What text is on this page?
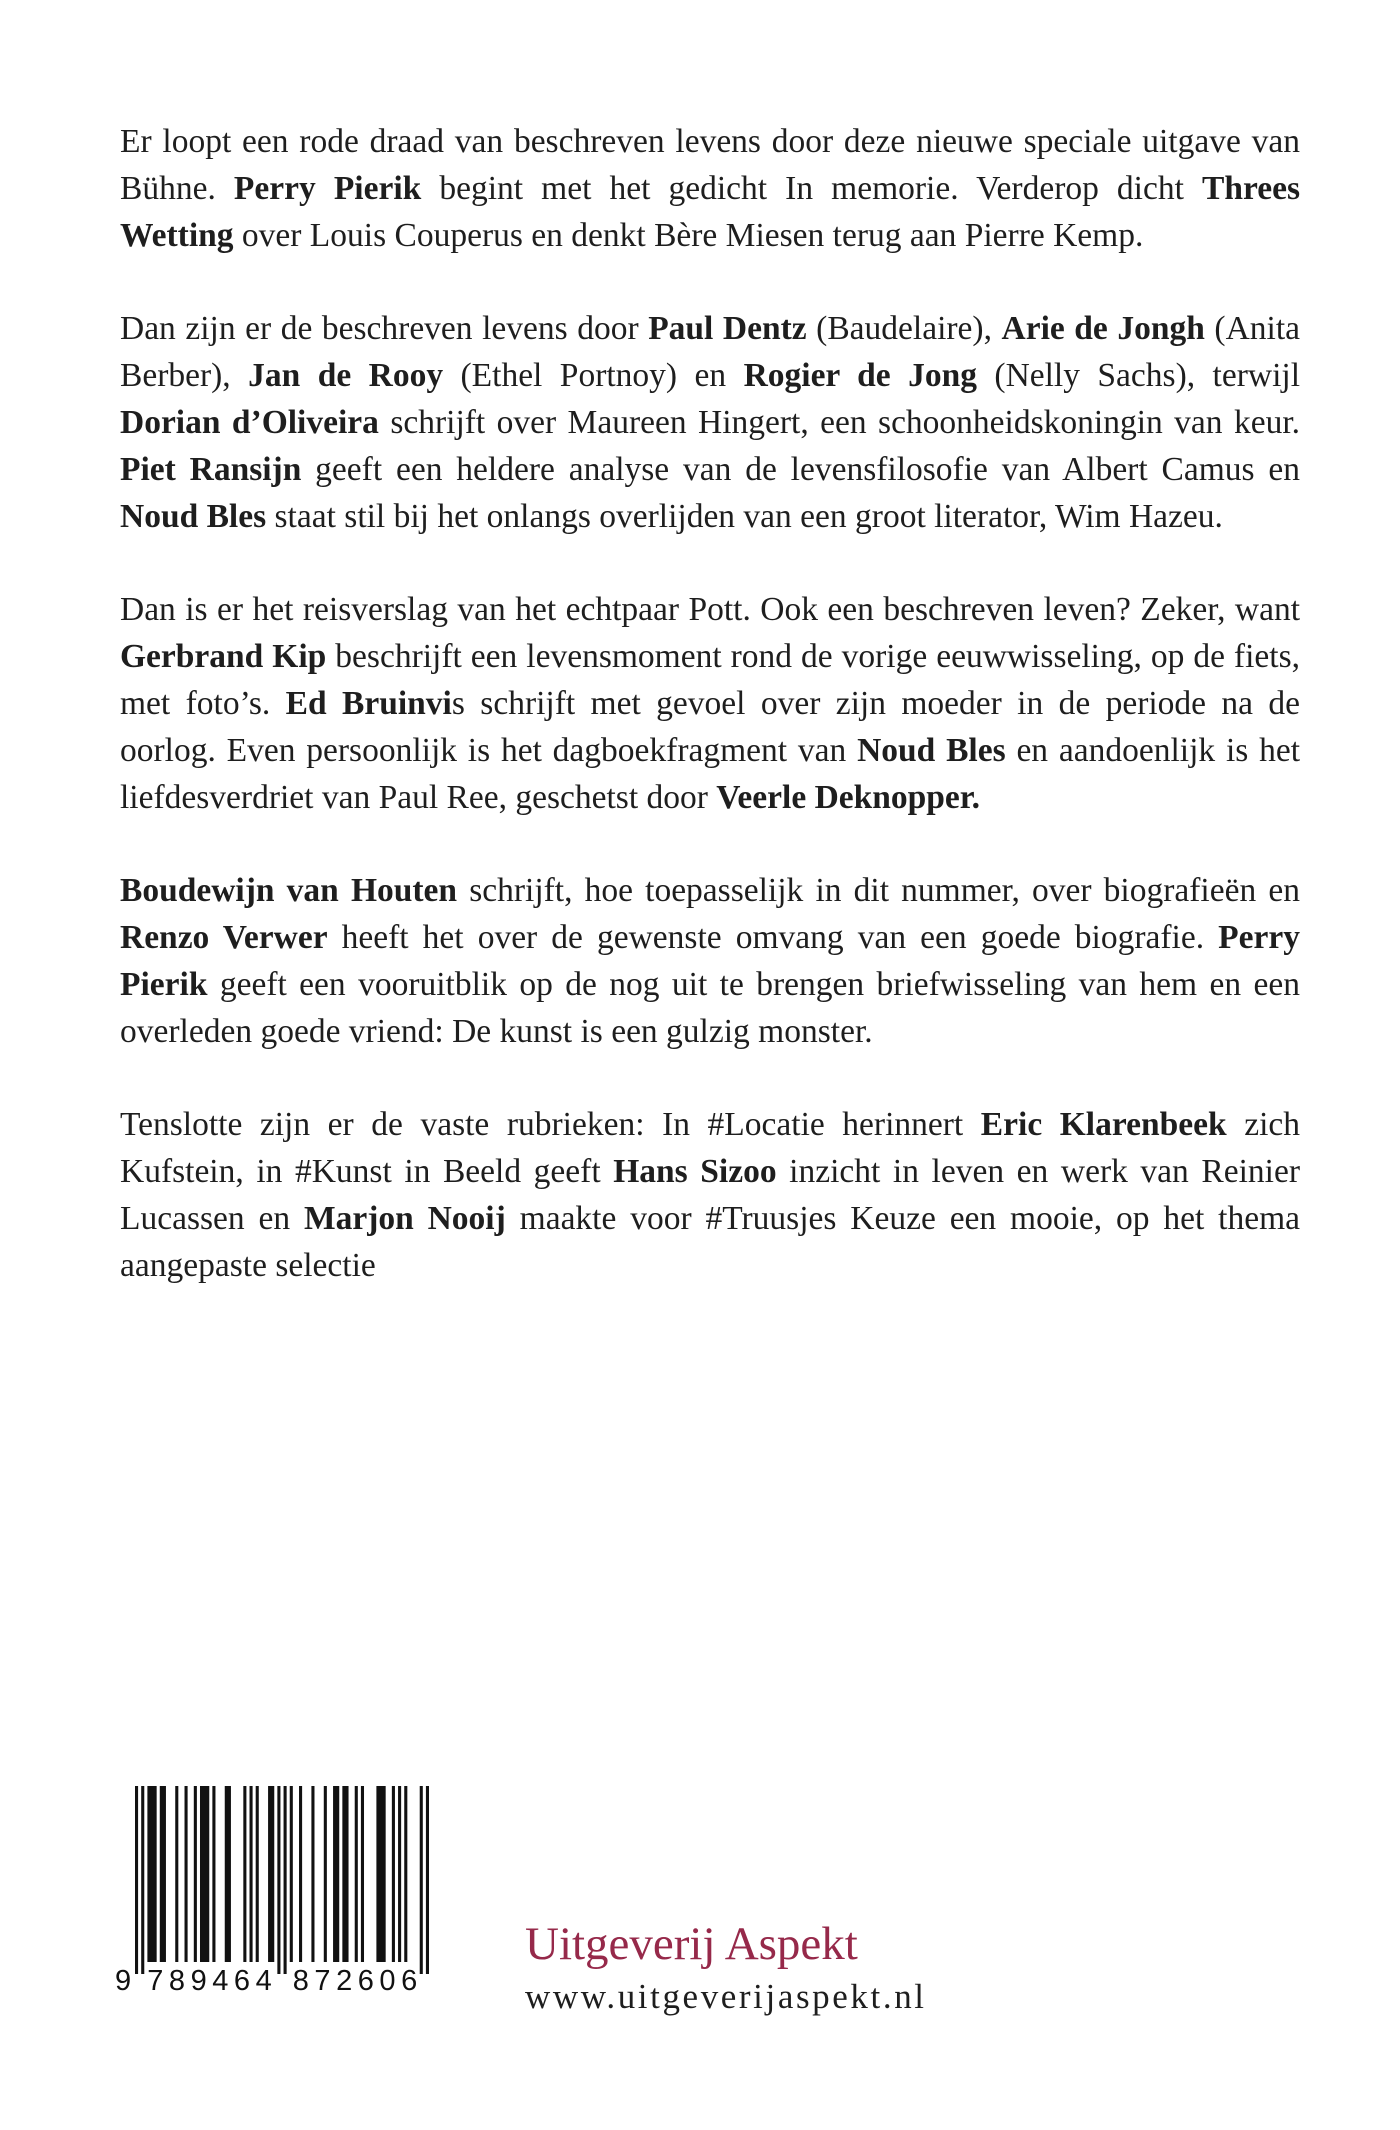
Er loopt een rode draad van beschreven levens door deze nieuwe speciale uitgave van Bühne. Perry Pierik begint met het gedicht In memorie. Verderop dicht Threes Wetting over Louis Couperus en denkt Bère Miesen terug aan Pierre Kemp.

Dan zijn er de beschreven levens door Paul Dentz (Baudelaire), Arie de Jongh (Anita Berber), Jan de Rooy (Ethel Portnoy) en Rogier de Jong (Nelly Sachs), terwijl Dorian d’Oliveira schrijft over Maureen Hingert, een schoonheidskoningin van keur. Piet Ransijn geeft een heldere analyse van de levensfilosofie van Albert Camus en Noud Bles staat stil bij het onlangs overlijden van een groot literator, Wim Hazeu.

Dan is er het reisverslag van het echtpaar Pott. Ook een beschreven leven? Zeker, want Gerbrand Kip beschrijft een levensmoment rond de vorige eeuwwisseling, op de fiets, met foto’s. Ed Bruinvis schrijft met gevoel over zijn moeder in de periode na de oorlog. Even persoonlijk is het dagboekfragment van Noud Bles en aandoenlijk is het liefdesverdriet van Paul Ree, geschetst door Veerle Deknopper.

Boudewijn van Houten schrijft, hoe toepasselijk in dit nummer, over biografieën en Renzo Verwer heeft het over de gewenste omvang van een goede biografie. Perry Pierik geeft een vooruitblik op de nog uit te brengen briefwisseling van hem en een overleden goede vriend: De kunst is een gulzig monster.

Tenslotte zijn er de vaste rubrieken: In #Locatie herinnert Eric Klarenbeek zich Kufstein, in #Kunst in Beeld geeft Hans Sizoo inzicht in leven en werk van Reinier Lucassen en Marjon Nooij maakte voor #Truusjes Keuze een mooie, op het thema aangepaste selectie

9 7 8 9 4 6 4 8 7 2 6 0 6
Uitgeverij Aspekt
www.uitgeverijaspekt.nl
